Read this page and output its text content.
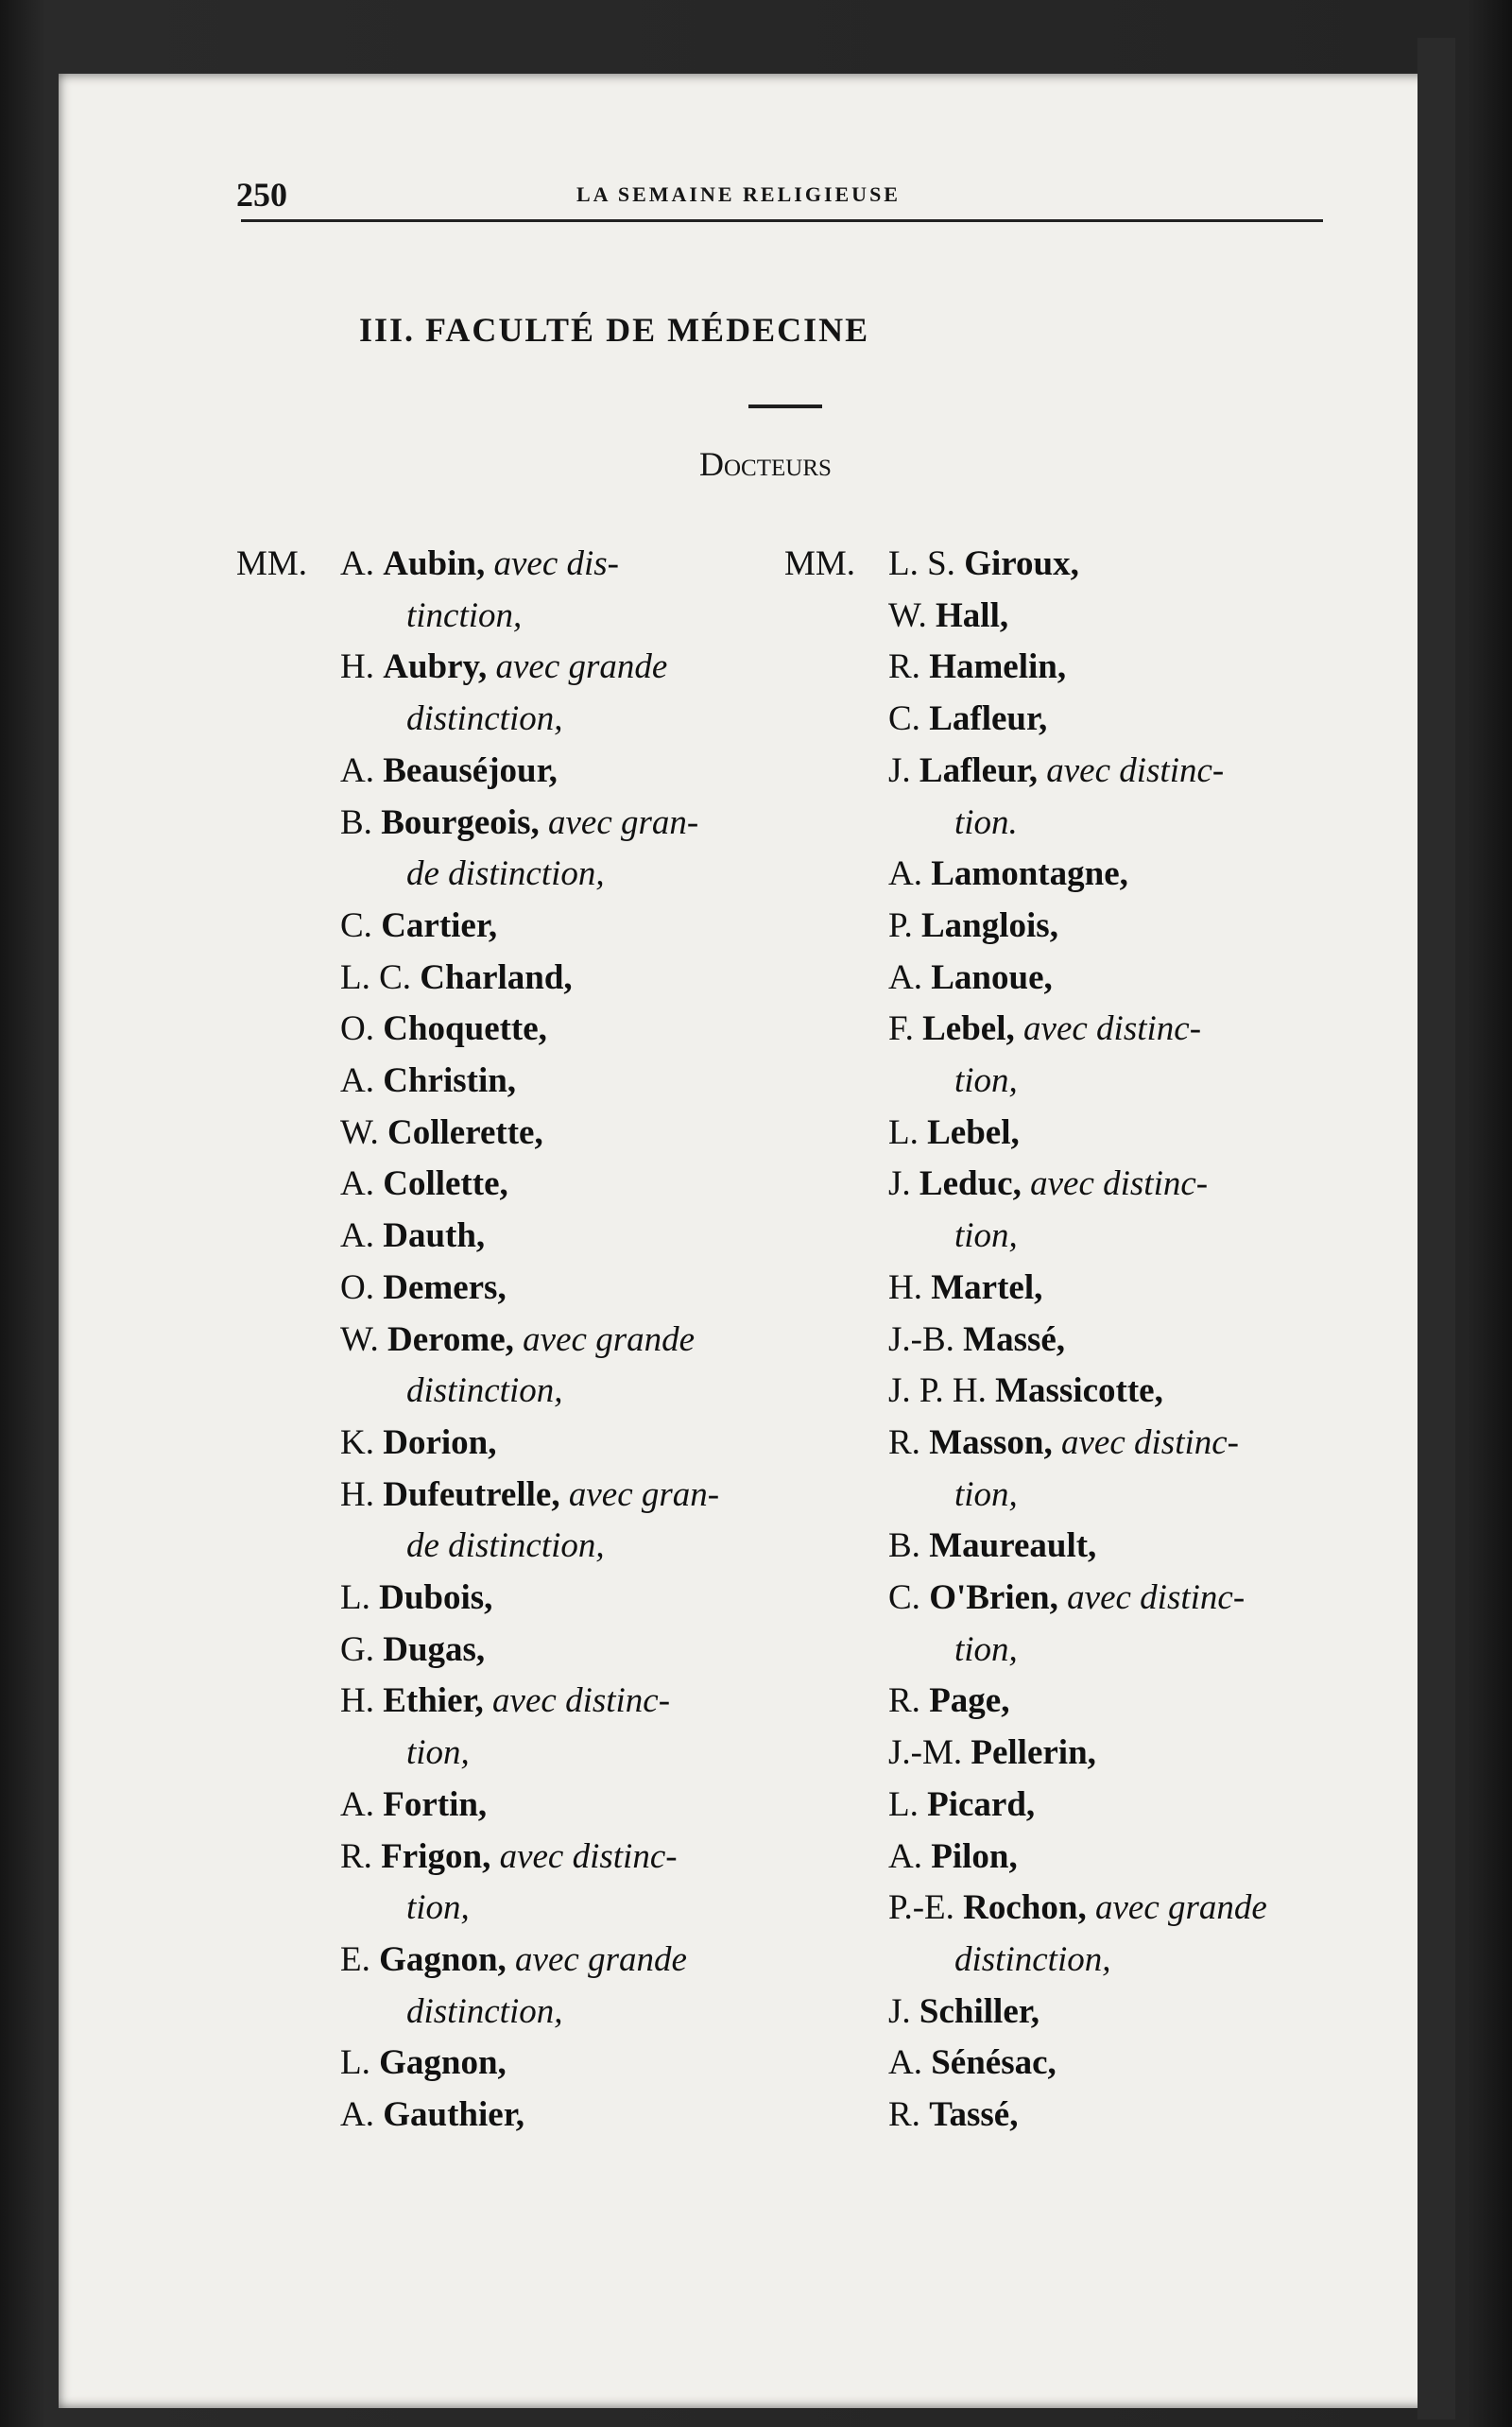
250	LA SEMAINE RELIGIEUSE
III. FACULTÉ DE MÉDECINE
Docteurs
MM. A. Aubin, avec dis-
tinction,
H. Aubry, avec grande
distinction,
A. Beauséjour,
B. Bourgeois, avec gran-
de distinction,
C. Cartier,
L. C. Charland,
O. Choquette,
A. Christin,
W. Collerette,
A. Collette,
A. Dauth,
O. Demers,
W. Derome, avec grande
distinction,
K. Dorion,
H. Dufeutrelle, avec gran-
de distinction,
L. Dubois,
G. Dugas,
H. Ethier, avec distinc-
tion,
A. Fortin,
R. Frigon, avec distinc-
tion,
E. Gagnon, avec grande
distinction,
L. Gagnon,
A. Gauthier,
MM. L. S. Giroux,
W. Hall,
R. Hamelin,
C. Lafleur,
J. Lafleur, avec distinc-
tion.
A. Lamontagne,
P. Langlois,
A. Lanoue,
F. Lebel, avec distinc-
tion,
L. Lebel,
J. Leduc, avec distinc-
tion,
H. Martel,
J.-B. Massé,
J. P. H. Massicotte,
R. Masson, avec distinc-
tion,
B. Maureault,
C. O'Brien, avec distinc-
tion,
R. Page,
J.-M. Pellerin,
L. Picard,
A. Pilon,
P.-E. Rochon, avec grande
distinction,
J. Schiller,
A. Sénésac,
R. Tassé,
